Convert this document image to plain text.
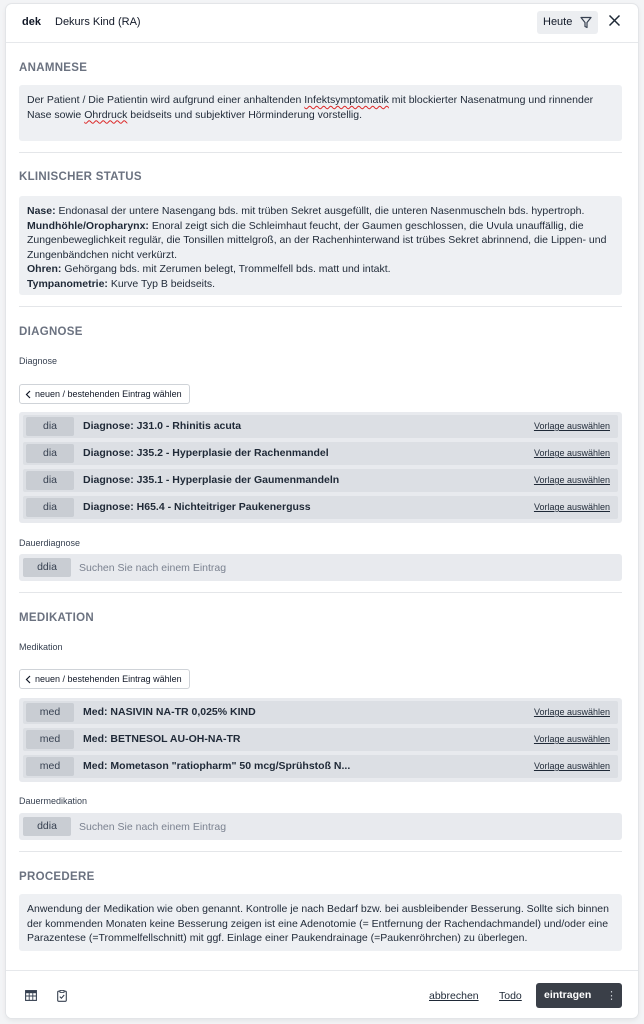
dek Dekurs Kind (RA)	Heute
ANAMNESE
Der Patient / Die Patientin wird aufgrund einer anhaltenden Infektsymptomatik mit blockierter Nasenatmung und rinnender Nase sowie Ohrdruck beidseits und subjektiver Hörminderung vorstellig.
KLINISCHER STATUS
Nase: Endonasal der untere Nasengang bds. mit trüben Sekret ausgefüllt, die unteren Nasenmuscheln bds. hypertroph.
Mundhöhle/Oropharynx: Enoral zeigt sich die Schleimhaut feucht, der Gaumen geschlossen, die Uvula unauffällig, die Zungenbeweglichkeit regulär, die Tonsillen mittelgroß, an der Rachenhinterwand ist trübes Sekret abrinnend, die Lippen- und Zungenbändchen nicht verkürzt.
Ohren: Gehörgang bds. mit Zerumen belegt, Trommelfell bds. matt und intakt.
Tympanometrie: Kurve Typ B beidseits.
DIAGNOSE
Diagnose
neuen / bestehenden Eintrag wählen
dia	Diagnose: J31.0 - Rhinitis acuta	Vorlage auswählen
dia	Diagnose: J35.2 - Hyperplasie der Rachenmandel	Vorlage auswählen
dia	Diagnose: J35.1 - Hyperplasie der Gaumenmandeln	Vorlage auswählen
dia	Diagnose: H65.4 - Nichteitriger Paukenerguss	Vorlage auswählen
Dauerdiagnose
ddia
Suchen Sie nach einem Eintrag
MEDIKATION
Medikation
neuen / bestehenden Eintrag wählen
med	Med: NASIVIN NA-TR 0,025% KIND	Vorlage auswählen
med	Med: BETNESOL AU-OH-NA-TR	Vorlage auswählen
med	Med: Mometason "ratiopharm" 50 mcg/Sprühstoß N...	Vorlage auswählen
Dauermedikation
ddia
Suchen Sie nach einem Eintrag
PROCEDERE
Anwendung der Medikation wie oben genannt. Kontrolle je nach Bedarf bzw. bei ausbleibender Besserung. Sollte sich binnen der kommenden Monaten keine Besserung zeigen ist eine Adenotomie (= Entfernung der Rachendachmandel) und/oder eine Parazentese (=Trommelfellschnitt) mit ggf. Einlage einer Paukendrainage (=Paukenröhrchen) zu überlegen.
abbrechen Todo eintragen ⋮
